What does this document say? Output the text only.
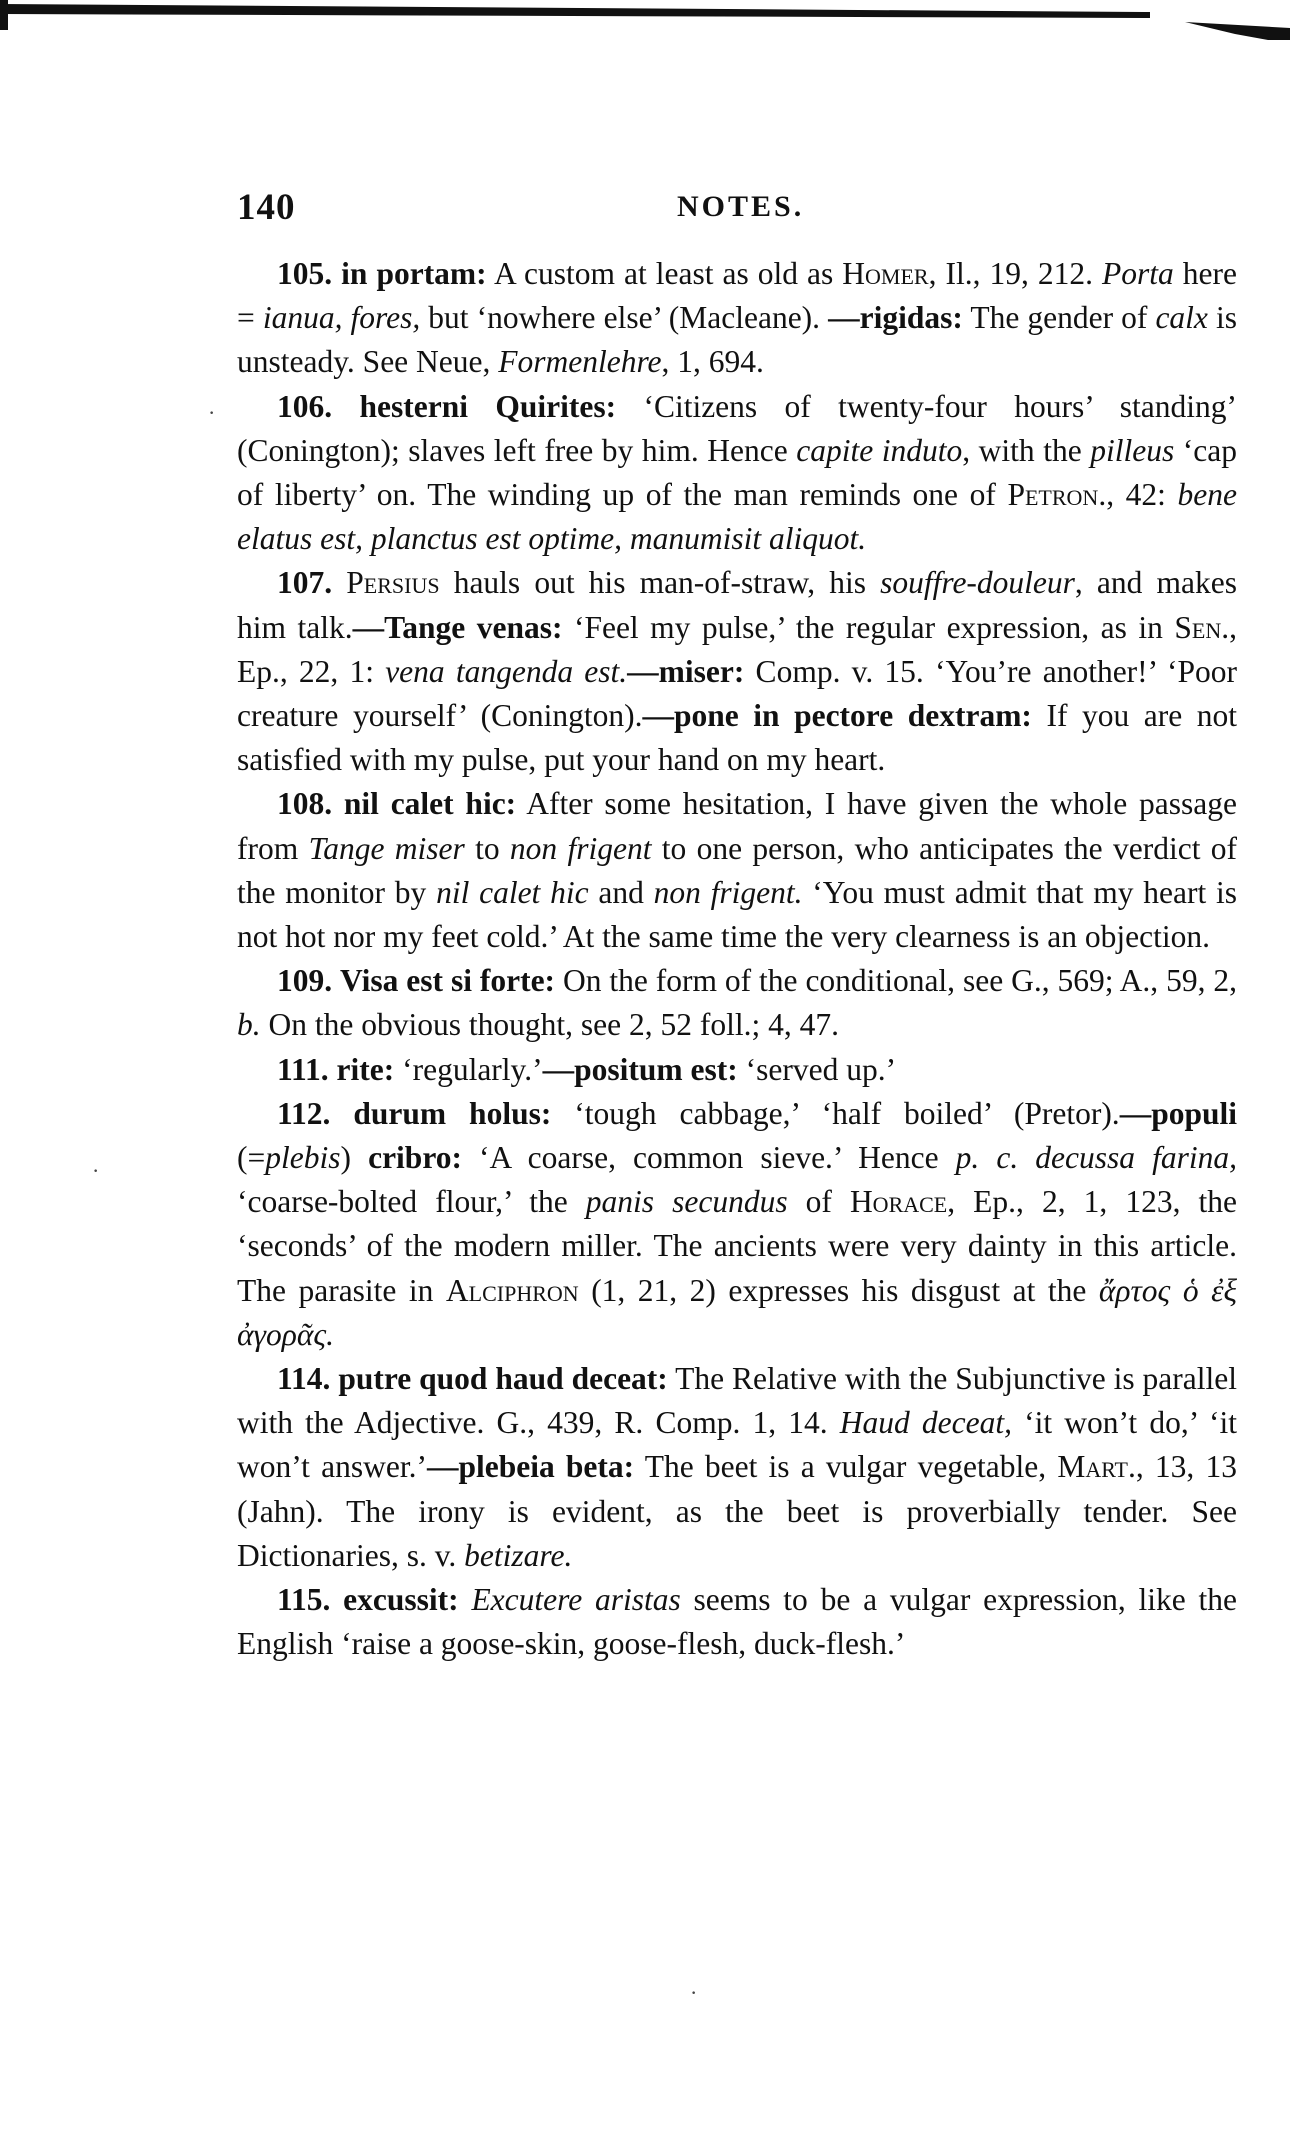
140	NOTES.
·
·
·

105. in portam: A custom at least as old as Homer, Il., 19, 212. Porta here = ianua, fores, but ‘nowhere else’ (Macleane). —rigidas: The gender of calx is unsteady. See Neue, Formenlehre, 1, 694.

106. hesterni Quirites: ‘Citizens of twenty-four hours’ standing’ (Conington); slaves left free by him. Hence capite induto, with the pilleus ‘cap of liberty’ on. The winding up of the man reminds one of Petron., 42: bene elatus est, planctus est optime, manumisit aliquot.

107. Persius hauls out his man-of-straw, his souffre-douleur, and makes him talk.—Tange venas: ‘Feel my pulse,’ the regular expression, as in Sen., Ep., 22, 1: vena tangenda est.—miser: Comp. v. 15. ‘You’re another!’ ‘Poor creature yourself’ (Conington).—pone in pectore dextram: If you are not satisfied with my pulse, put your hand on my heart.

108. nil calet hic: After some hesitation, I have given the whole passage from Tange miser to non frigent to one person, who anticipates the verdict of the monitor by nil calet hic and non frigent. ‘You must admit that my heart is not hot nor my feet cold.’ At the same time the very clearness is an objection.

109. Visa est si forte: On the form of the conditional, see G., 569; A., 59, 2, b. On the obvious thought, see 2, 52 foll.; 4, 47.

111. rite: ‘regularly.’—positum est: ‘served up.’

112. durum holus: ‘tough cabbage,’ ‘half boiled’ (Pretor).—populi (=plebis) cribro: ‘A coarse, common sieve.’ Hence p. c. decussa farina, ‘coarse-bolted flour,’ the panis secundus of Horace, Ep., 2, 1, 123, the ‘seconds’ of the modern miller. The ancients were very dainty in this article. The parasite in Alciphron (1, 21, 2) expresses his disgust at the ἄρτος ὁ ἐξ ἀγορᾶς.

114. putre quod haud deceat: The Relative with the Subjunctive is parallel with the Adjective. G., 439, R. Comp. 1, 14. Haud deceat, ‘it won’t do,’ ‘it won’t answer.’—plebeia beta: The beet is a vulgar vegetable, Mart., 13, 13 (Jahn). The irony is evident, as the beet is proverbially tender. See Dictionaries, s. v. betizare.

115. excussit: Excutere aristas seems to be a vulgar expression, like the English ‘raise a goose-skin, goose-flesh, duck-flesh.’
